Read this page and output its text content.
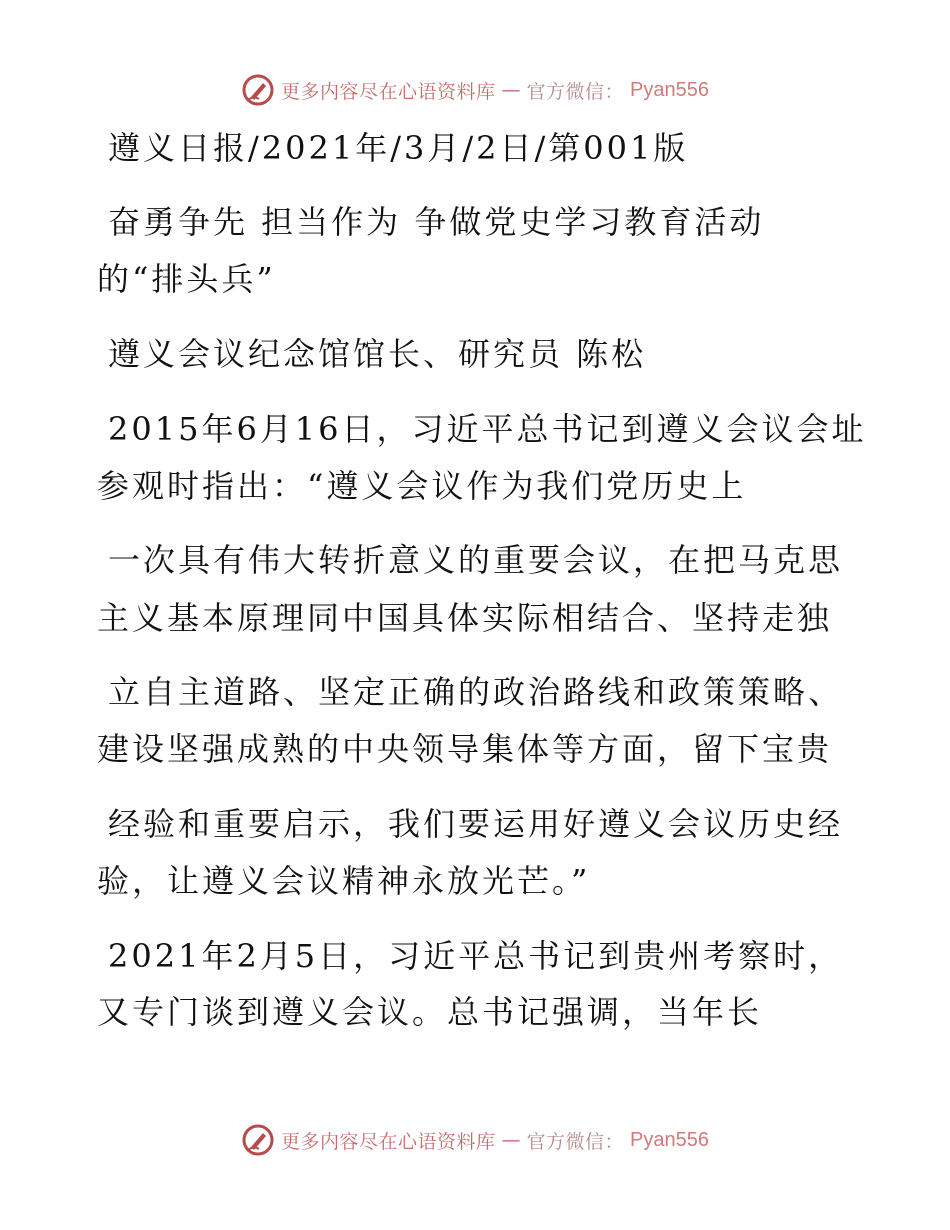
更多内容尽在心语资料库 — 官方微信： Pyan556
遵义日报/2021年/3月/2日/第001版
奋勇争先 担当作为 争做党史学习教育活动
的“排头兵”
遵义会议纪念馆馆长、研究员 陈松
2015年6月16日，习近平总书记到遵义会议会址
参观时指出：“遵义会议作为我们党历史上
一次具有伟大转折意义的重要会议，在把马克思
主义基本原理同中国具体实际相结合、坚持走独
立自主道路、坚定正确的政治路线和政策策略、
建设坚强成熟的中央领导集体等方面，留下宝贵
经验和重要启示，我们要运用好遵义会议历史经
验，让遵义会议精神永放光芒。”
2021年2月5日，习近平总书记到贵州考察时，
又专门谈到遵义会议。总书记强调，当年长
更多内容尽在心语资料库 — 官方微信： Pyan556
